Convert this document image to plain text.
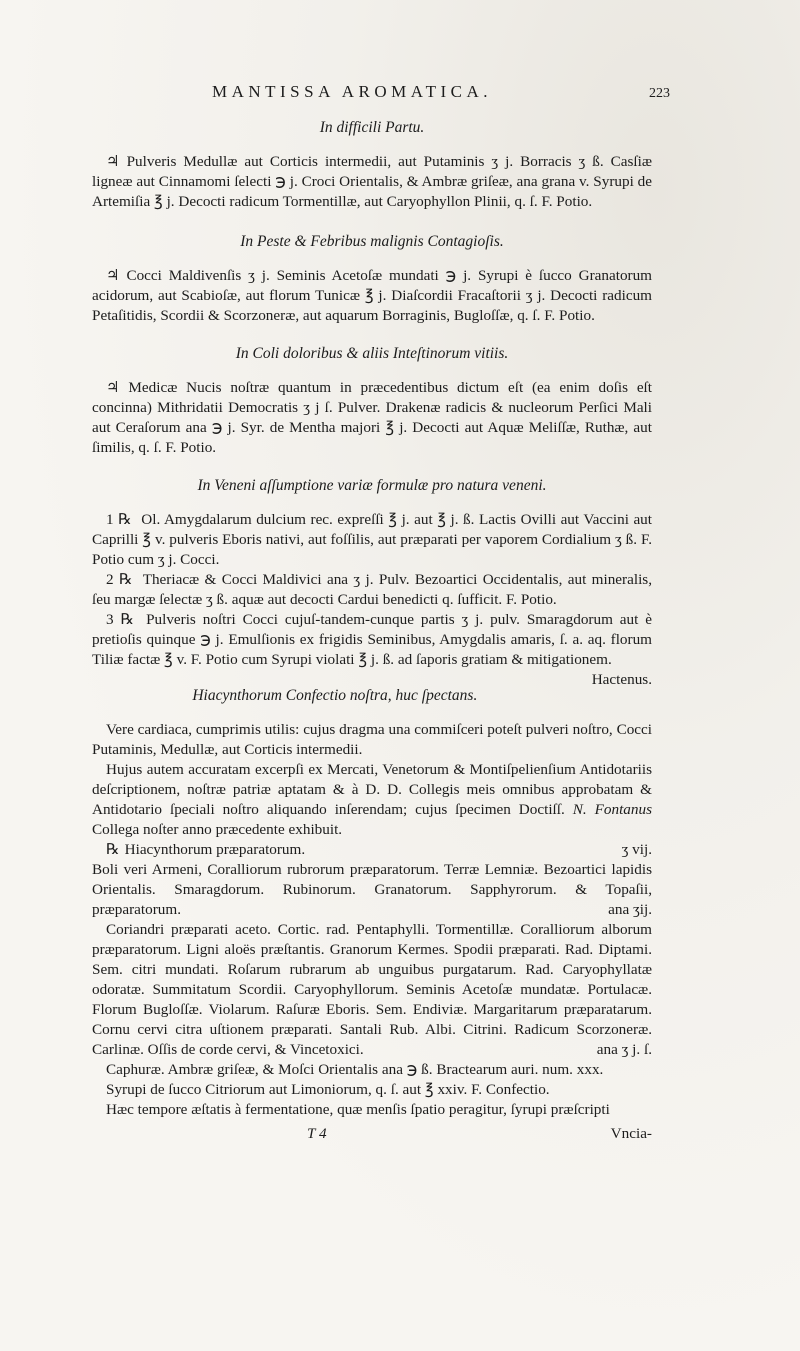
MANTISSA AROMATICA.	223
In difficili Partu.

♃ Pulveris Medullæ aut Corticis intermedii, aut Putaminis ʒ j. Borracis ʒ ß. Casſiæ ligneæ aut Cinnamomi ſelecti ℈ j. Croci Orientalis, & Ambræ griſeæ, ana grana v. Syrupi de Artemiſia ℥ j. Decocti radicum Tormentillæ, aut Caryophyllon Plinii, q. ſ. F. Potio.

In Peste & Febribus malignis Contagioſis.

♃ Cocci Maldivenſis ʒ j. Seminis Acetoſæ mundati ℈ j. Syrupi è ſucco Granatorum acidorum, aut Scabioſæ, aut florum Tunicæ ℥ j. Diaſcordii Fracaſtorii ʒ j. Decocti radicum Petaſitidis, Scordii & Scorzoneræ, aut aquarum Borraginis, Bugloſſæ, q. ſ. F. Potio.

In Coli doloribus & aliis Inteſtinorum vitiis.

♃ Medicæ Nucis noſtræ quantum in præcedentibus dictum eſt (ea enim doſis eſt concinna) Mithridatii Democratis ʒ j ſ. Pulver. Drakenæ radicis & nucleorum Perſici Mali aut Ceraſorum ana ℈ j. Syr. de Mentha majori ℥ j. Decocti aut Aquæ Meliſſæ, Ruthæ, aut ſimilis, q. ſ. F. Potio.

In Veneni aſſumptione variæ formulæ pro natura veneni.
1 ℞ Ol. Amygdalarum dulcium rec. expreſſi ℥ j. aut ℥ j. ß. Lactis Ovilli aut Vaccini aut Caprilli ℥ v. pulveris Eboris nativi, aut foſſilis, aut præparati per vaporem Cordialium ʒ ß. F. Potio cum ʒ j. Cocci.
2 ℞ Theriacæ & Cocci Maldivici ana ʒ j. Pulv. Bezoartici Occidentalis, aut mineralis, ſeu margæ ſelectæ ʒ ß. aquæ aut decocti Cardui benedicti q. ſufficit. F. Potio.
3 ℞ Pulveris noſtri Cocci cujuſ-tandem-cunque partis ʒ j. pulv. Smaragdorum aut è pretioſis quinque ℈ j. Emulſionis ex frigidis Seminibus, Amygdalis amaris, ſ. a. aq. florum Tiliæ factæ ℥ v. F. Potio cum Syrupi violati ℥ j. ß. ad ſaporis gratiam & mitigationem.
Hactenus.
Hiacynthorum Confectio noſtra, huc ſpectans.

Vere cardiaca, cumprimis utilis: cujus dragma una commiſceri poteſt pulveri noſtro, Cocci Putaminis, Medullæ, aut Corticis intermedii.

Hujus autem accuratam excerpſi ex Mercati, Venetorum & Montiſpelienſium Antidotariis deſcriptionem, noſtræ patriæ aptatam & à D. D. Collegis meis omnibus approbatam & Antidotario ſpeciali noſtro aliquando inſerendam; cujus ſpecimen Doctiſſ. N. Fontanus Collega noſter anno præcedente exhibuit.

℞ Hiacynthorum præparatorum.	ʒ vij.
Boli veri Armeni, Coralliorum rubrorum præparatorum. Terræ Lemniæ. Bezoartici lapidis Orientalis. Smaragdorum. Rubinorum. Granatorum. Sapphyrorum. & Topaſii, præparatorum.	ana ʒij.
Coriandri præparati aceto. Cortic. rad. Pentaphylli. Tormentillæ. Coralliorum alborum præparatorum. Ligni aloës præſtantis. Granorum Kermes. Spodii præparati. Rad. Diptami. Sem. citri mundati. Roſarum rubrarum ab unguibus purgatarum. Rad. Caryophyllatæ odoratæ. Summitatum Scordii. Caryophyllorum. Seminis Acetoſæ mundatæ. Portulacæ. Florum Bugloſſæ. Violarum. Raſuræ Eboris. Sem. Endiviæ. Margaritarum præparatarum. Cornu cervi citra uſtionem præparati. Santali Rub. Albi. Citrini. Radicum Scorzoneræ. Carlinæ. Oſſis de corde cervi, & Vincetoxici.	ana ʒ j. ſ.

Caphuræ. Ambræ griſeæ, & Moſci Orientalis ana ℈ ß. Bractearum auri. num. xxx.

Syrupi de ſucco Citriorum aut Limoniorum, q. ſ. aut ℥ xxiv. F. Confectio.

Hæc tempore æſtatis à fermentatione, quæ menſis ſpatio peragitur, ſyrupi præſcripti

T 4	Vncia-
